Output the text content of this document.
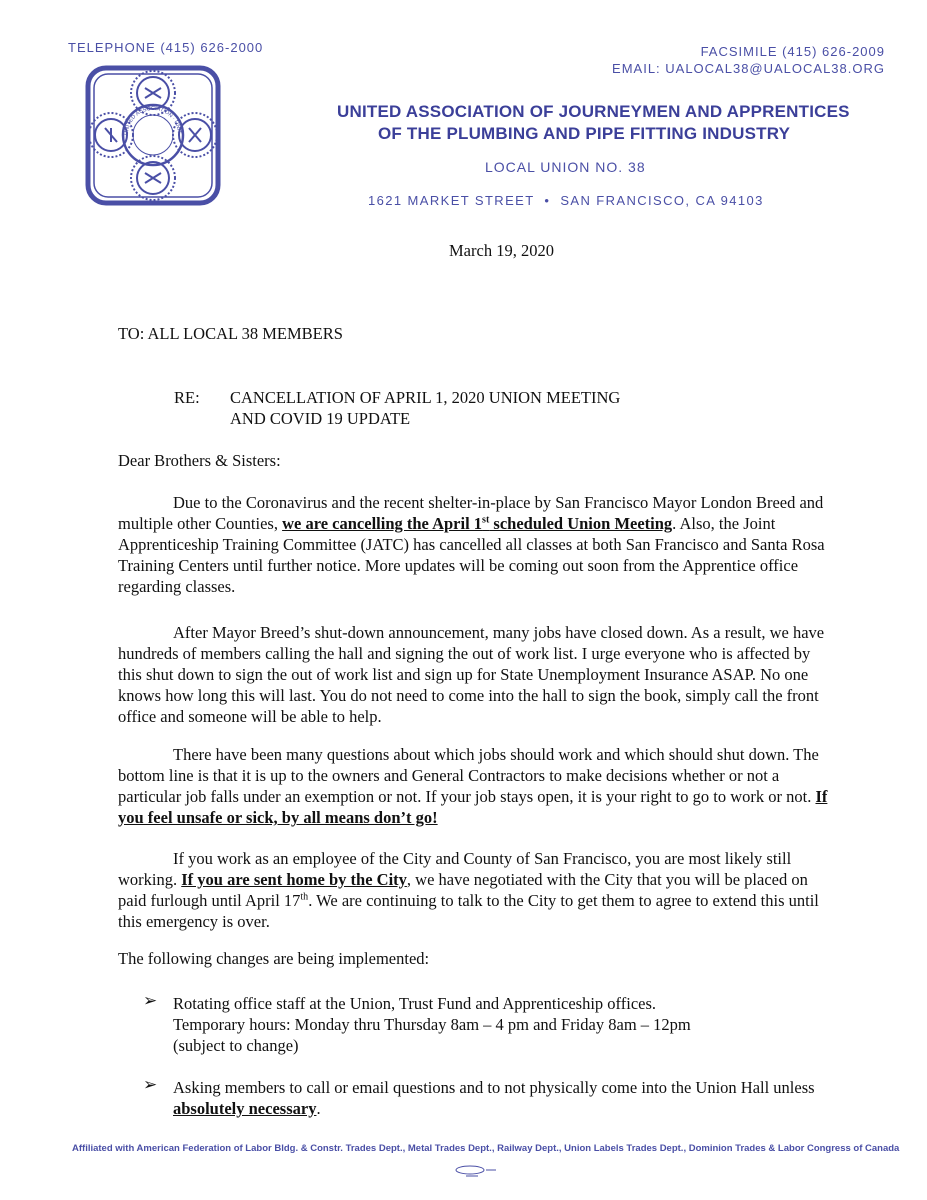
TELEPHONE (415) 626-2000	FACSIMILE (415) 626-2009
EMAIL: UALOCAL38@UALOCAL38.ORG
UNITED ASSOCIATION · UNIT
UNITED ASSOCIATION OF JOURNEYMEN AND APPRENTICES
OF THE PLUMBING AND PIPE FITTING INDUSTRY
LOCAL UNION NO. 38
1621 MARKET STREET  •  SAN FRANCISCO, CA 94103
March 19, 2020
TO: ALL LOCAL 38 MEMBERS
RE: CANCELLATION OF APRIL 1, 2020 UNION MEETING
AND COVID 19 UPDATE
Dear Brothers & Sisters:
Due to the Coronavirus and the recent shelter-in-place by San Francisco Mayor London Breed and multiple other Counties, we are cancelling the April 1st scheduled Union Meeting. Also, the Joint Apprenticeship Training Committee (JATC) has cancelled all classes at both San Francisco and Santa Rosa Training Centers until further notice. More updates will be coming out soon from the Apprentice office regarding classes.
After Mayor Breed’s shut-down announcement, many jobs have closed down. As a result, we have hundreds of members calling the hall and signing the out of work list. I urge everyone who is affected by this shut down to sign the out of work list and sign up for State Unemployment Insurance ASAP. No one knows how long this will last. You do not need to come into the hall to sign the book, simply call the front office and someone will be able to help.
There have been many questions about which jobs should work and which should shut down. The bottom line is that it is up to the owners and General Contractors to make decisions whether or not a particular job falls under an exemption or not. If your job stays open, it is your right to go to work or not. If you feel unsafe or sick, by all means don’t go!
If you work as an employee of the City and County of San Francisco, you are most likely still working. If you are sent home by the City, we have negotiated with the City that you will be placed on paid furlough until April 17th. We are continuing to talk to the City to get them to agree to extend this until this emergency is over.
The following changes are being implemented:
➢ Rotating office staff at the Union, Trust Fund and Apprenticeship offices.
Temporary hours: Monday thru Thursday 8am – 4 pm and Friday 8am – 12pm
(subject to change)
➢ Asking members to call or email questions and to not physically come into the Union Hall unless absolutely necessary.
Affiliated with American Federation of Labor Bldg. & Constr. Trades Dept., Metal Trades Dept., Railway Dept., Union Labels Trades Dept., Dominion Trades & Labor Congress of Canada
